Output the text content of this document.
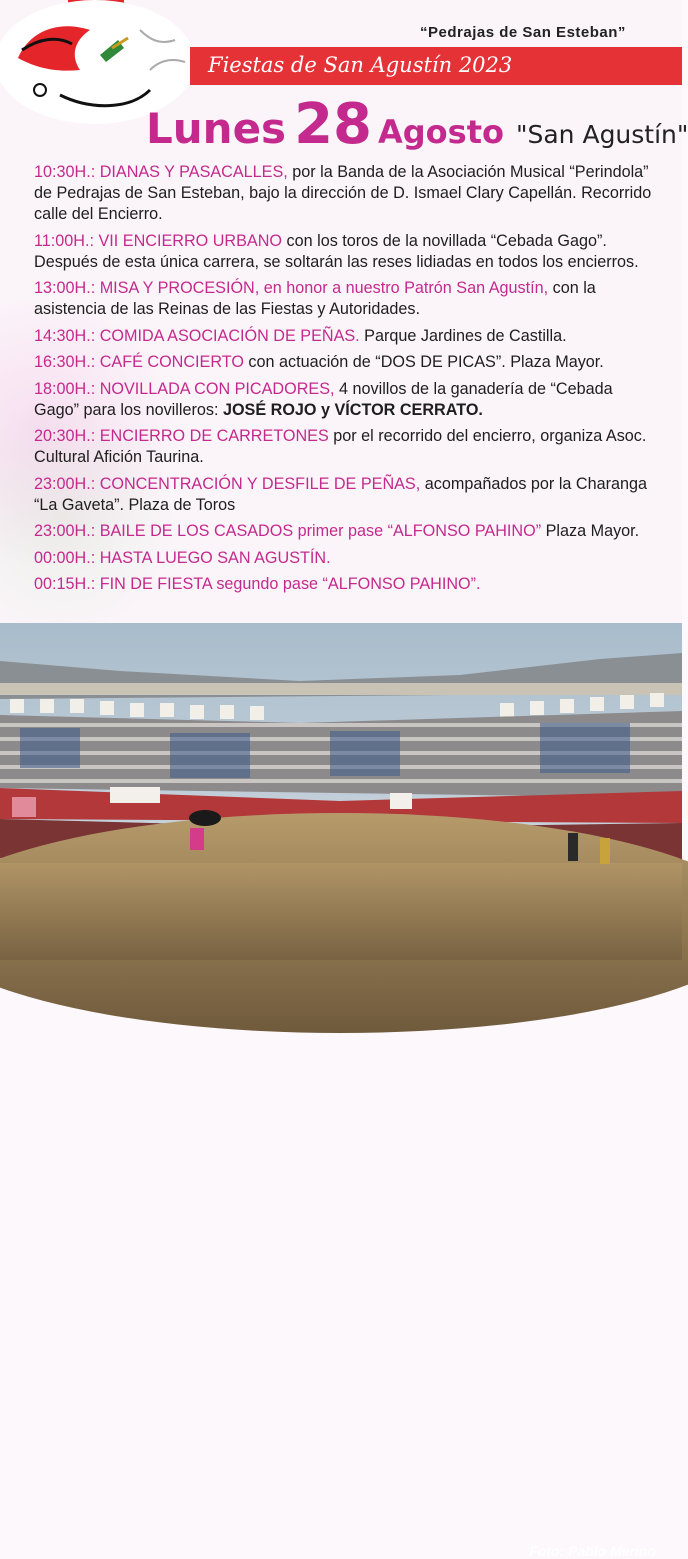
“Pedrajas de San Esteban”
Fiestas de San Agustín 2023
Lunes 28 Agosto "San Agustín"
10:30H.: DIANAS Y PASACALLES, por la Banda de la Asociación Musical “Perindola” de Pedrajas de San Esteban, bajo la dirección de D. Ismael Clary Capellán. Recorrido calle del Encierro.
11:00H.: VII ENCIERRO URBANO con los toros de la novillada “Cebada Gago”. Después de esta única carrera, se soltarán las reses lidiadas en todos los encierros.
13:00H.: MISA Y PROCESIÓN, en honor a nuestro Patrón San Agustín, con la asistencia de las Reinas de las Fiestas y Autoridades.
14:30H.: COMIDA ASOCIACIÓN DE PEÑAS. Parque Jardines de Castilla.
16:30H.: CAFÉ CONCIERTO con actuación de “DOS DE PICAS”. Plaza Mayor.
18:00H.: NOVILLADA CON PICADORES, 4 novillos de la ganadería de “Cebada Gago” para los novilleros: JOSÉ ROJO y VÍCTOR CERRATO.
20:30H.: ENCIERRO DE CARRETONES por el recorrido del encierro, organiza Asoc. Cultural Afición Taurina.
23:00H.: CONCENTRACIÓN Y DESFILE DE PEÑAS, acompañados por la Charanga “La Gaveta”. Plaza de Toros
23:00H.: BAILE DE LOS CASADOS primer pase “ALFONSO PAHINO” Plaza Mayor.
00:00H.: HASTA LUEGO SAN AGUSTÍN.
00:15H.: FIN DE FIESTA segundo pase “ALFONSO PAHINO”.
Foto: Pablo Merino
